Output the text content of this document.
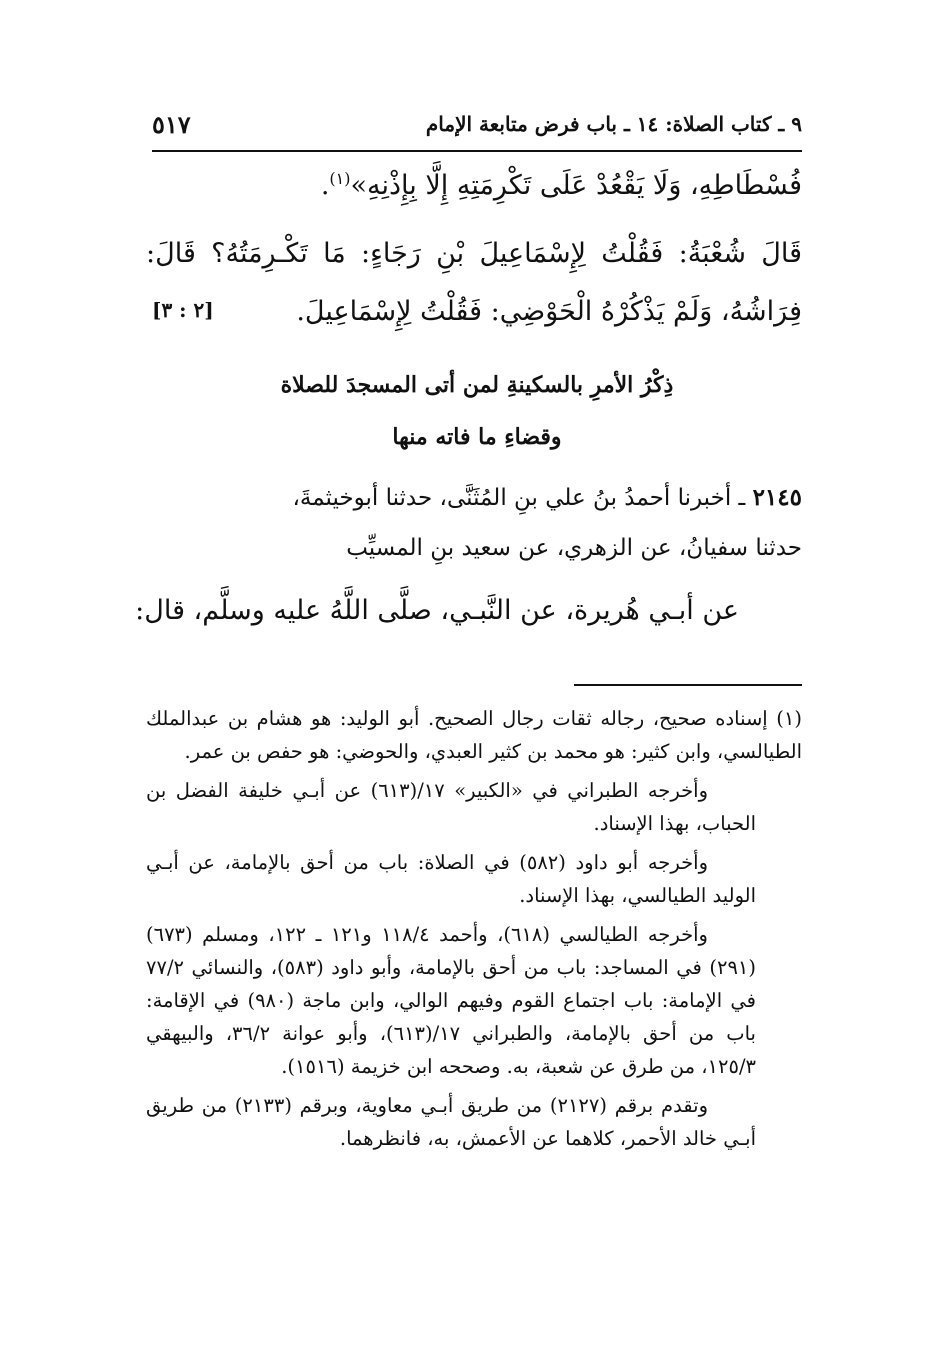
٩ ـ كتاب الصلاة: ١٤ ـ باب فرض متابعة الإمام
٥١٧
فُسْطَاطِهِ، وَلَا يَقْعُدْ عَلَى تَكْرِمَتِهِ إِلَّا بِإِذْنِهِ»$^{(١)}$.
قَالَ شُعْبَةُ: فَقُلْتُ لِإِسْمَاعِيلَ بْنِ رَجَاءٍ: مَا تَكْـرِمَتُهُ؟ قَالَ:
فِرَاشُهُ، وَلَمْ يَذْكُرْهُ الْحَوْضِي: فَقُلْتُ لِإِسْمَاعِيلَ.
[٢ : ٣]
ذِكْرُ الأمرِ بالسكينةِ لمن أتى المسجدَ للصلاة
وقضاءِ ما فاته منها
٢١٤٥ ـ أخبرنا أحمدُ بنُ علي بنِ المُثَنَّى، حدثنا أبوخيثمةَ،
حدثنا سفيانُ، عن الزهري، عن سعيد بنِ المسيِّب
عن أبـي هُريرة، عن النَّبـي، صلَّى اللَّهُ عليه وسلَّم، قال:

(١) إسناده صحيح، رجاله ثقات رجال الصحيح. أبو الوليد: هو هشام بن عبدالملك الطيالسي، وابن كثير: هو محمد بن كثير العبدي، والحوضي: هو حفص بن عمر.

وأخرجه الطبراني في «الكبير» ١٧/(٦١٣) عن أبـي خليفة الفضل بن الحباب، بهذا الإسناد.

وأخرجه أبو داود (٥٨٢) في الصلاة: باب من أحق بالإمامة، عن أبـي الوليد الطيالسي، بهذا الإسناد.

وأخرجه الطيالسي (٦١٨)، وأحمد ١١٨/٤ و١٢١ ـ ١٢٢، ومسلم (٦٧٣) (٢٩١) في المساجد: باب من أحق بالإمامة، وأبو داود (٥٨٣)، والنسائي ٧٧/٢ في الإمامة: باب اجتماع القوم وفيهم الوالي، وابن ماجة (٩٨٠) في الإقامة: باب من أحق بالإمامة، والطبراني ١٧/(٦١٣)، وأبو عوانة ٣٦/٢، والبيهقي ١٢٥/٣، من طرق عن شعبة، به. وصححه ابن خزيمة (١٥١٦).

وتقدم برقم (٢١٢٧) من طريق أبـي معاوية، وبرقم (٢١٣٣) من طريق أبـي خالد الأحمر، كلاهما عن الأعمش، به، فانظرهما.
